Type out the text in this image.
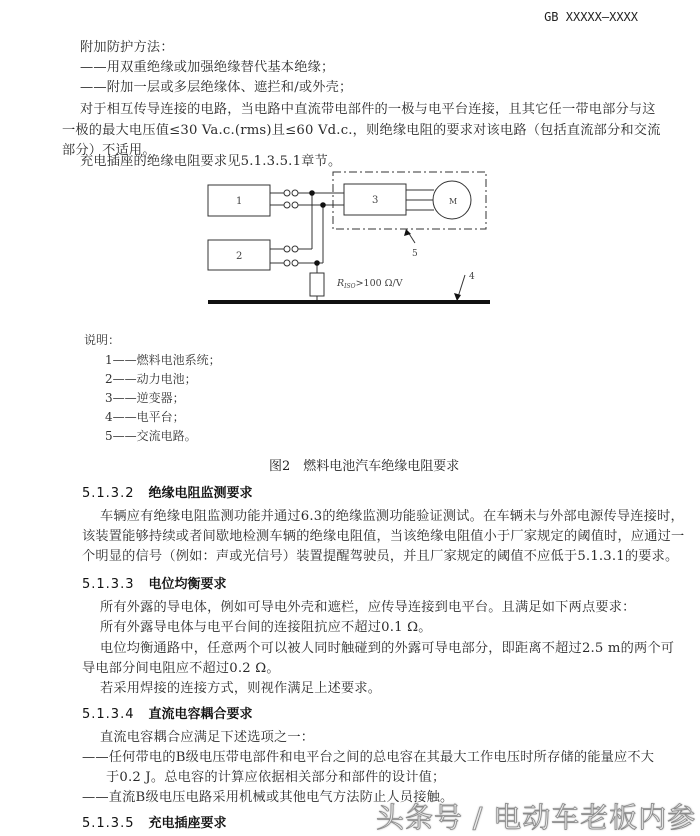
GB XXXXX—XXXX
附加防护方法：
——用双重绝缘或加强绝缘替代基本绝缘；
——附加一层或多层绝缘体、遮拦和/或外壳；
对于相互传导连接的电路，当电路中直流带电部件的一极与电平台连接，且其它任一带电部分与这
一极的最大电压值≤30 Va.c.(rms)且≤60 Vd.c.，则绝缘电阻的要求对该电路（包括直流部分和交流
部分）不适用。
充电插座的绝缘电阻要求见5.1.3.5.1章节。
1
2
3	M
5
4
$R_{ISO}>100$ Ω/V
说明：
1——燃料电池系统；
2——动力电池；
3——逆变器；
4——电平台；
5——交流电路。
图2　燃料电池汽车绝缘电阻要求
5.1.3.2 绝缘电阻监测要求
车辆应有绝缘电阻监测功能并通过6.3的绝缘监测功能验证测试。在车辆未与外部电源传导连接时，
该装置能够持续或者间歇地检测车辆的绝缘电阻值，当该绝缘电阻值小于厂家规定的阈值时，应通过一
个明显的信号（例如：声或光信号）装置提醒驾驶员，并且厂家规定的阈值不应低于5.1.3.1的要求。
5.1.3.3 电位均衡要求
所有外露的导电体，例如可导电外壳和遮栏，应传导连接到电平台。且满足如下两点要求：
所有外露导电体与电平台间的连接阻抗应不超过0.1 Ω。
电位均衡通路中，任意两个可以被人同时触碰到的外露可导电部分，即距离不超过2.5 m的两个可
导电部分间电阻应不超过0.2 Ω。
若采用焊接的连接方式，则视作满足上述要求。
5.1.3.4 直流电容耦合要求
直流电容耦合应满足下述选项之一：
——任何带电的B级电压带电部件和电平台之间的总电容在其最大工作电压时所存储的能量应不大
于0.2 J。总电容的计算应依据相关部分和部件的设计值；
——直流B级电压电路采用机械或其他电气方法防止人员接触。
5.1.3.5 充电插座要求	头条号 / 电动车老板内参
